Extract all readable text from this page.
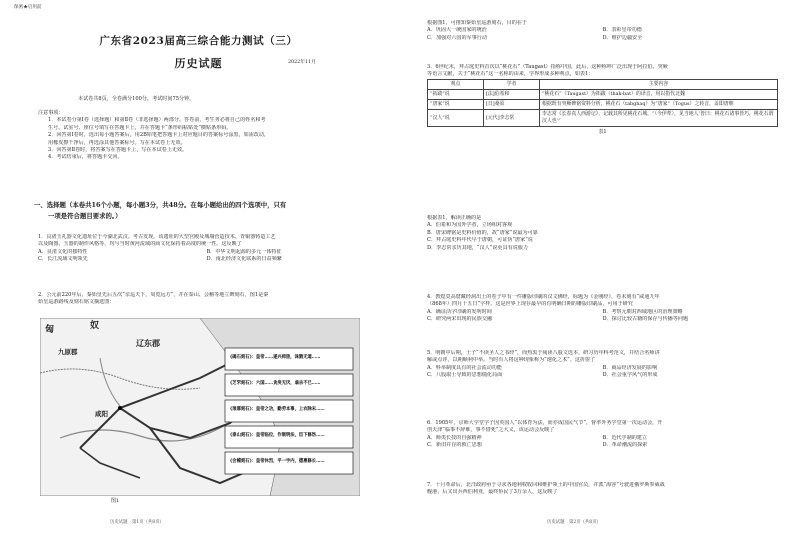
保密★启用前
广东省2023届高三综合能力测试（三）
历史试题	2022年11月
本试卷共8页，全卷满分100分。考试时间75分钟。
注意事项：
1．本试卷分第Ⅰ卷（选择题）和第Ⅱ卷（非选择题）两部分。答卷前，考生务必将自己的姓名和考
生号、试室号、座位号填写在答题卡上，并在答题卡“条形码粘贴处”横贴条形码。
2．回答第Ⅰ卷时，选出每小题答案后，用2B铅笔把答题卡上对应题目的答案标号涂黑，如需改动，
用橡皮擦干净后，再选涂其他答案标号。写在本试卷上无效。
3．回答第Ⅱ卷时，将答案写在答题卡上，写在本试卷上无效。
4．考试结束后，将答题卡交回。
一、选择题（本卷共16个小题，每小题3分，共48分。在每小题给出的四个选项中，只有
一项是符合题目要求的。）
1．良渚玉礼器文化遗址位于今湖北武汉。考古发现，该遗址的大型宫殿及城墙营造技术、青铜器铸造工艺
以及陶器、玉器的制作风格等，均与当时黄河流域的商文化保持着高度的统一性。这反映了
A．良渚文化的独特性	B．中华文明起源的多元一体特征
C．长江流域文明领先	D．南北经济文化联系的日益频繁
2．公元前220年后，秦始皇先后五次“亲巡天下，周览远方”，并在泰山、会稽等地立碑刻石，图1是秦
始皇巡游路线及刻石铭文摘选图：
匈	奴
辽东郡
九原郡
咸阳
《碣石刻石》：皇帝……遂兴师旅，诛戮无道……
《芝罘刻石》：六国……贪戾无厌，虐杀不已……
《琅琊刻石》：皇帝之功，勤劳本事，上农除末……
《泰山刻石》：皇帝临位，作制明法，臣下修饬……
《会稽刻石》：皇帝休烈，平一宇内，德惠修长……
图1
历史试题　第1页（共8页）
根据图1，可推知秦始皇巡游刻石，目的在于
A．巩固大一统国家的统治	B．表彰皇帝功德
C．加强对六国的军事行动	D．维护边疆安全
3．6世纪末，拜占庭史料首次以“桃花石”（Taugast）指称中国，此后，这种称呼广泛出现于阿拉伯、突厥
等语言文献，关于“桃花石”这一名称的由来，学界形成多种观点，如表1：
观点	学者	主要内容
“拓跋”说	[法]伯希和	“桃花石”（Taugast）为拓跋（thak-bat）的译音，用以指代北魏
“唐家”说	[日]桑原	根据既有突厥碑铭资料分析，桃花石（tabghaq）为“唐家”（Togus）之转音，盖即唐朝
“汉人”说	[元代]李志常	李志常《长春真人西游记》，记载其所见桃花石城，“（今伊犁），见当地人‘皆曰：桃花石诸事皆巧，桃花石谓汉人也’”
表1
根据表1，解读正确的是
A．伯希和为国外学者，立场相对客观
B．唐宋碑铭是史料价值的，故“唐家”说最为可靠
C．拜占庭史料年代早于唐朝，可证伪“唐家”说
D．李志常亲历其地，“汉人”说更具有说服力
4．教煌莫高窟藏经洞出土的卷子中有一件雕版印刷的汉文佛经，标题为《金刚经》，卷末刻有“咸通九年
（868年）四月十五日”字样。这是世界上现存最早的有明确日期的雕版印刷品，可用于研究
A．确证活字印刷的发明时间	B．考察元朝对西域地区的治理策略
C．研究两宋出现的民族交融	D．探讨比较古籍的保存与传播等问题
5．明朝中后期，士子“不读圣人之书经”，而热衷于阅读八股文选本，研习历年科考范文，并结合名师讲
解或点评，以期顺利中举。当时有人将这种现象称为“速化之术”。这折射了
A．科举制度具有的社会流动功能	B．商品经济发展的影响
C．八股取士导致的思想僵化局面	D．社会重学风气的形成
6．1905年，京师大学堂学子因英国人“以体育为法，而亦成国民气节”，督率外务学堂第一次运动会，开
创天津“临事不辞难，事不惜死”之大义，该运动会反映了
A．师夷长技的自强精神	B．近代学制的建立
C．新旧并存的救亡思想	D．革命潮流的探索
7．十月革命后，北洋政府亟于寻求各地利权收回和维护领土的中国官员，并派“海容”号驶进俄罗斯参威战
舰港，后又出兵西伯利亚，最终侨民了3万余人，这反映了
历史试题　第2页（共8页）
